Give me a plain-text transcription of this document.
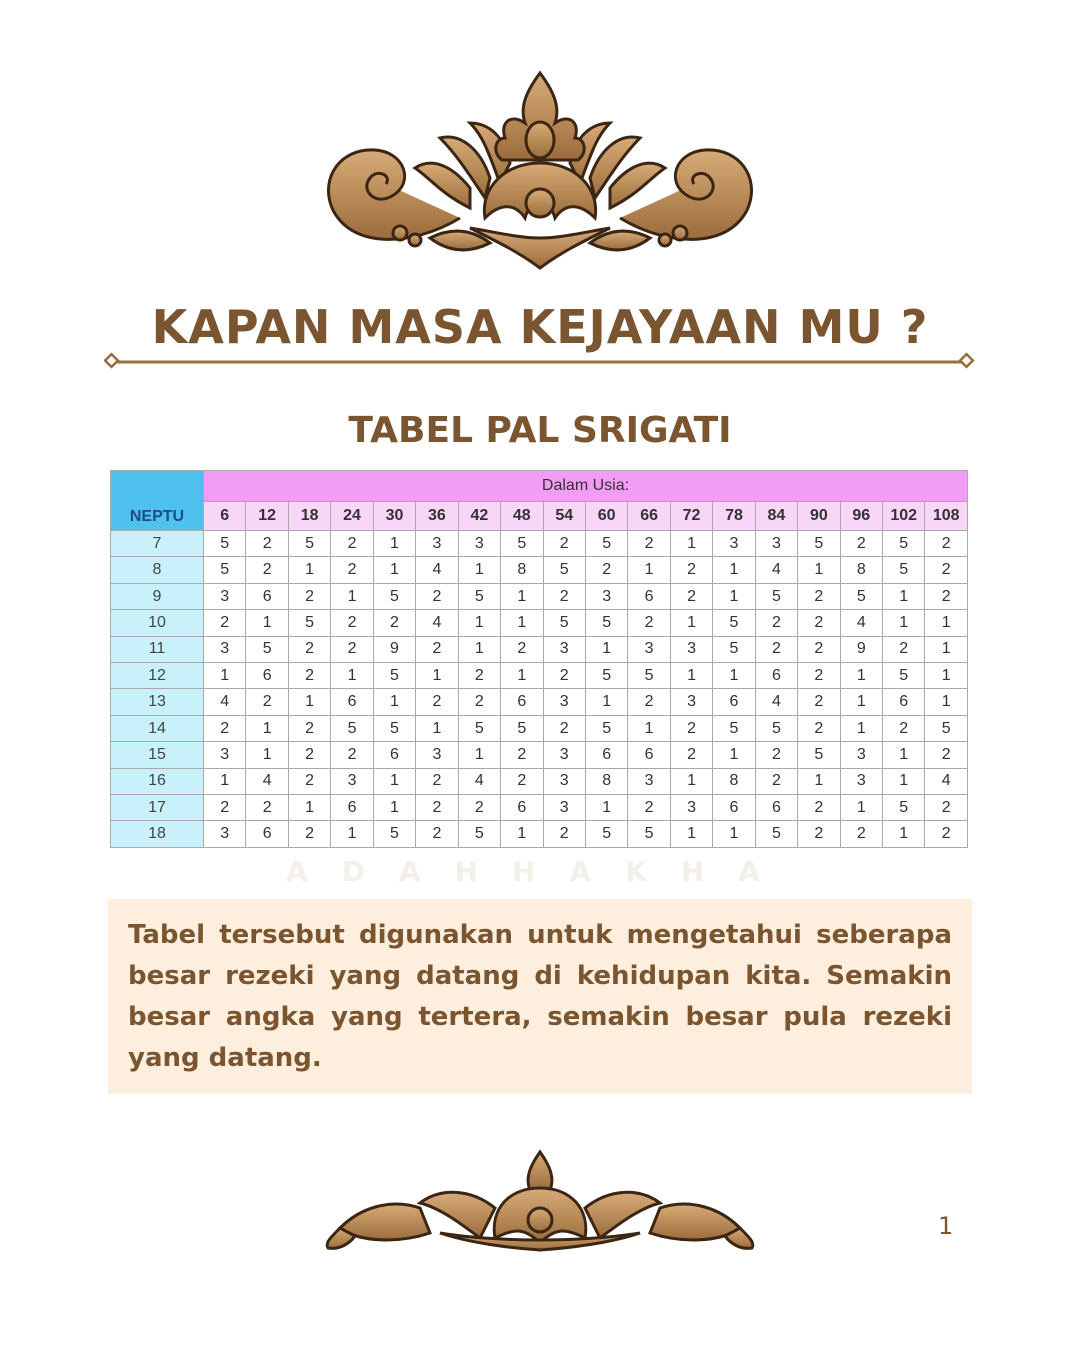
KAPAN MASA KEJAYAAN MU ?
TABEL PAL SRIGATI
NEPTU	Dalam Usia:																	
	6	12	18	24	30	36	42	48	54	60	66	72	78	84	90	96	102	108
7	5	2	5	2	1	3	3	5	2	5	2	1	3	3	5	2	5	2
8	5	2	1	2	1	4	1	8	5	2	1	2	1	4	1	8	5	2
9	3	6	2	1	5	2	5	1	2	3	6	2	1	5	2	5	1	2
10	2	1	5	2	2	4	1	1	5	5	2	1	5	2	2	4	1	1
11	3	5	2	2	9	2	1	2	3	1	3	3	5	2	2	9	2	1
12	1	6	2	1	5	1	2	1	2	5	5	1	1	6	2	1	5	1
13	4	2	1	6	1	2	2	6	3	1	2	3	6	4	2	1	6	1
14	2	1	2	5	5	1	5	5	2	5	1	2	5	5	2	1	2	5
15	3	1	2	2	6	3	1	2	3	6	6	2	1	2	5	3	1	2
16	1	4	2	3	1	2	4	2	3	8	3	1	8	2	1	3	1	4
17	2	2	1	6	1	2	2	6	3	1	2	3	6	6	2	1	5	2
18	3	6	2	1	5	2	5	1	2	5	5	1	1	5	2	2	1	2
ADAHHAKHA

Tabel tersebut digunakan untuk mengetahui seberapa besar rezeki yang datang di kehidupan kita. Semakin besar angka yang tertera, semakin besar pula rezeki yang datang.

1
